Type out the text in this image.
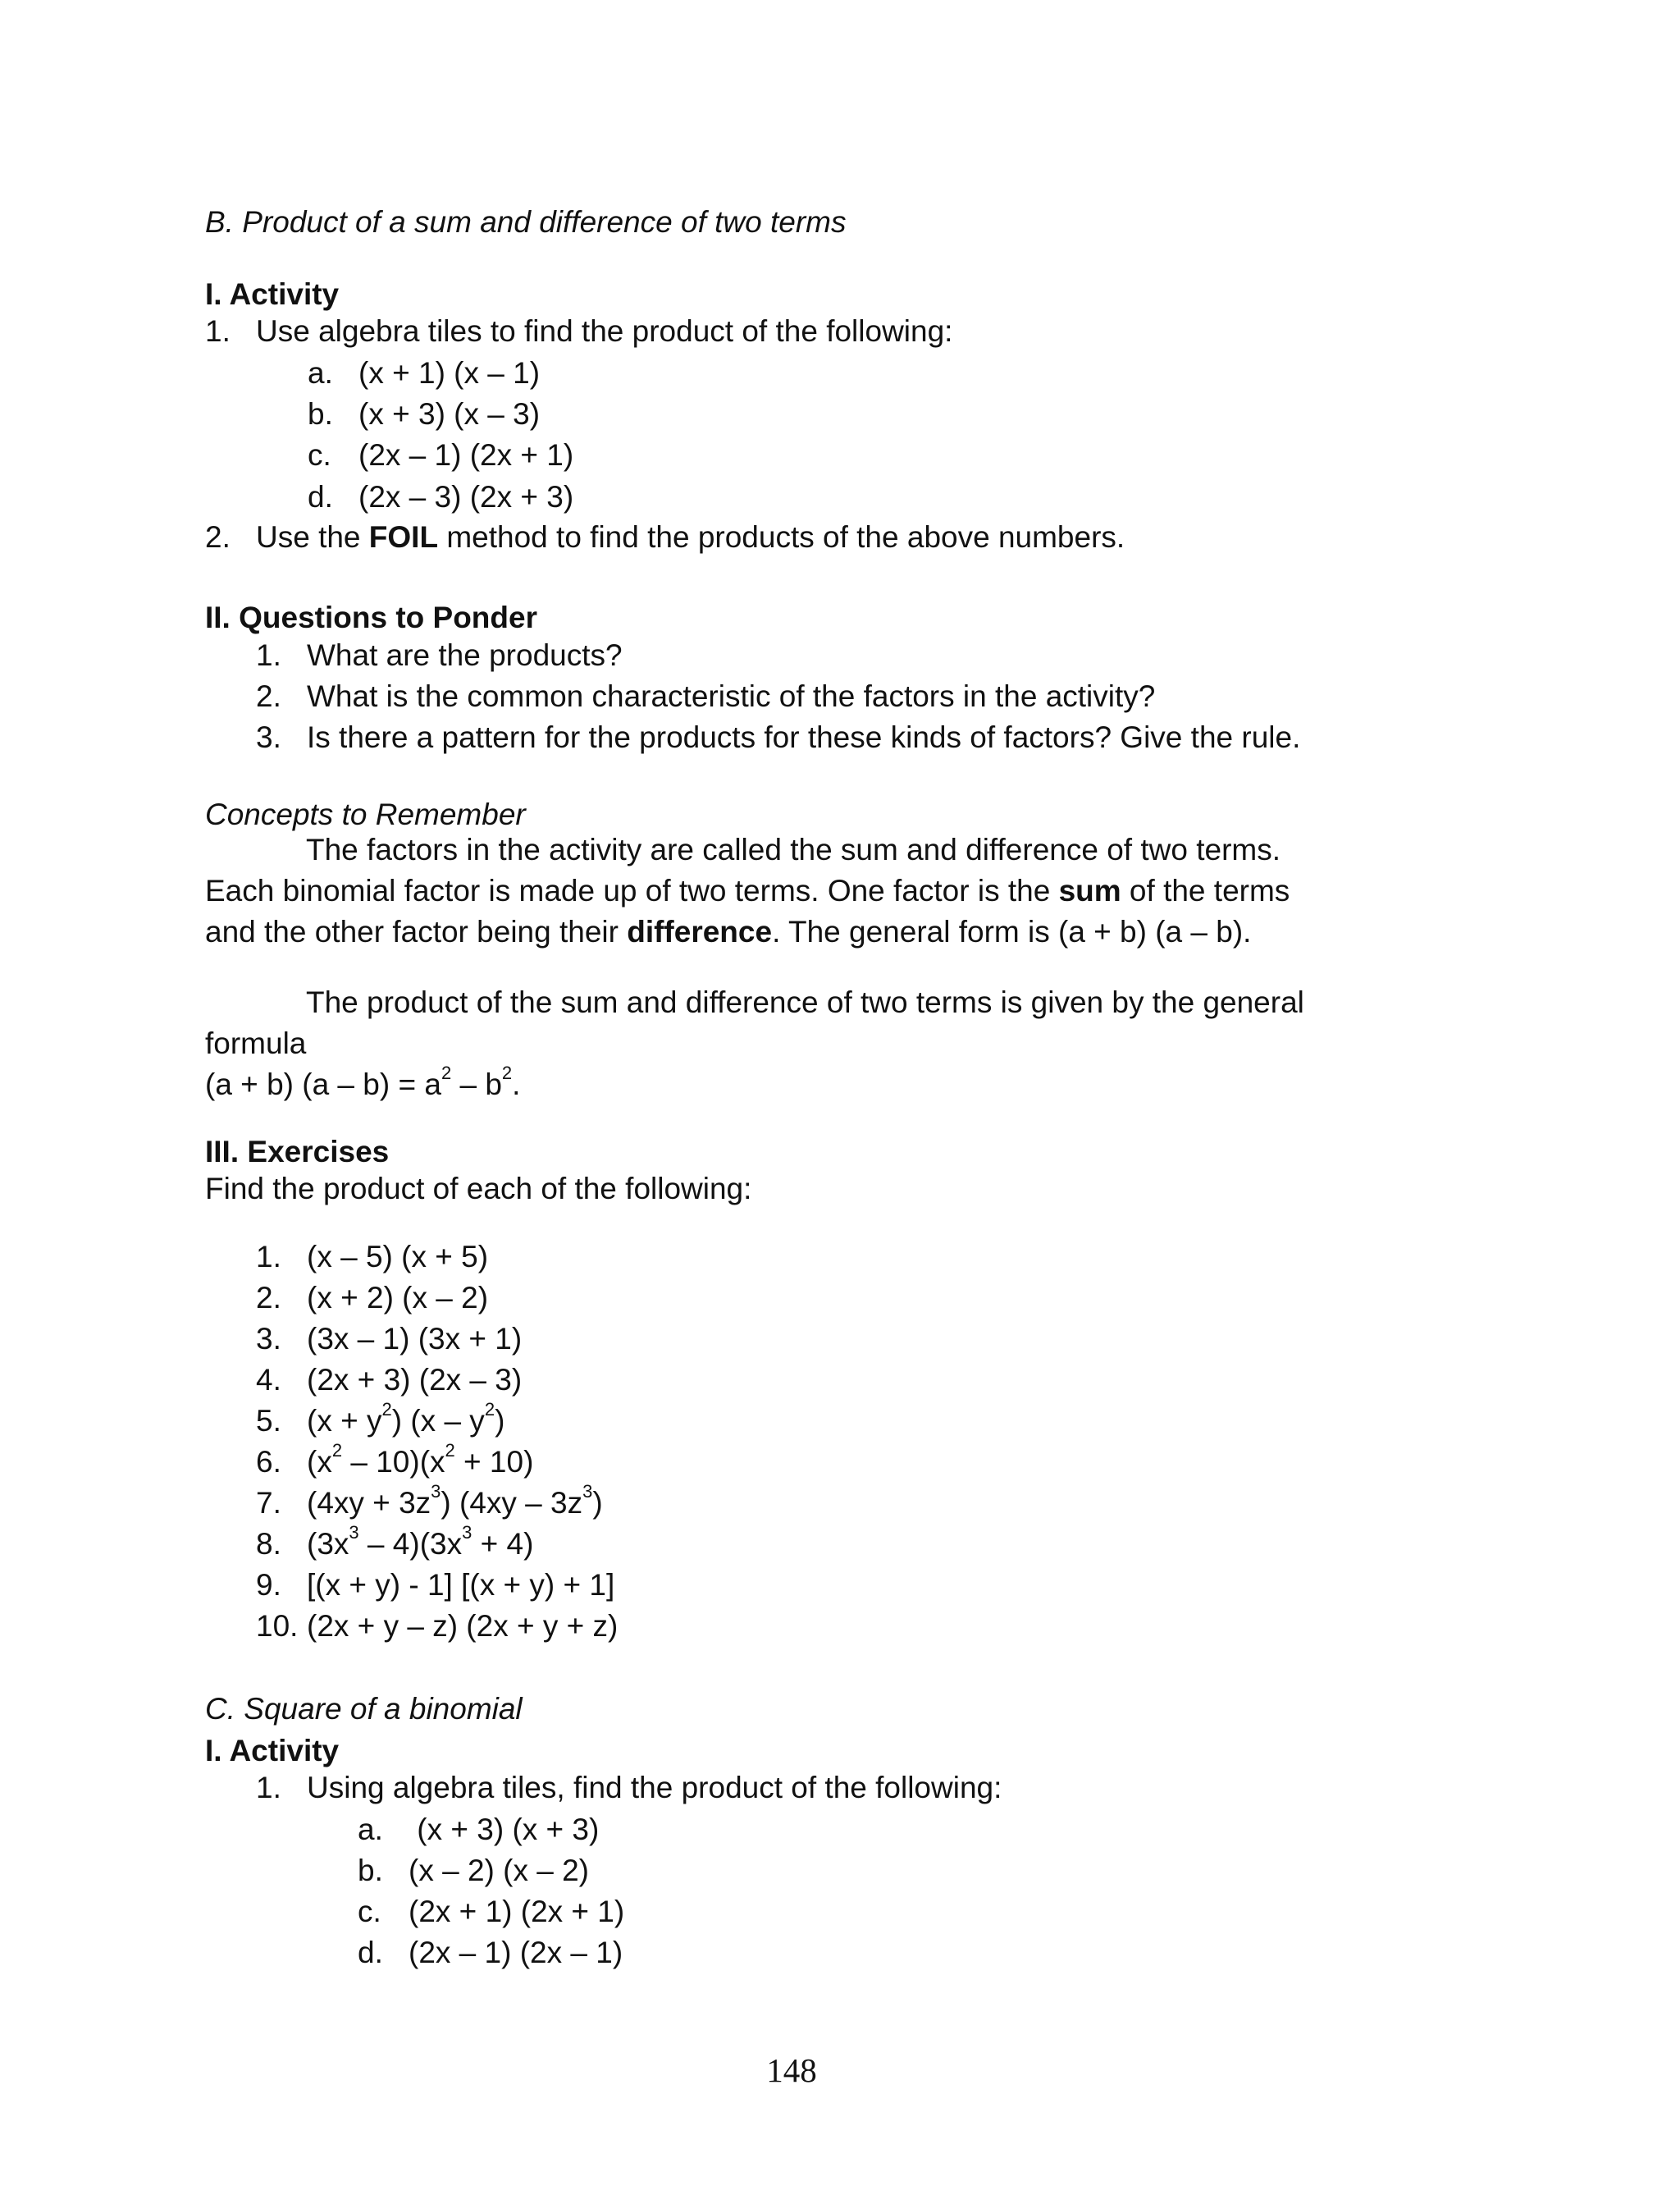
B. Product of a sum and difference of two terms
I. Activity
1. Use algebra tiles to find the product of the following:
a. (x + 1) (x – 1)
b. (x + 3) (x – 3)
c. (2x – 1) (2x + 1)
d. (2x – 3) (2x + 3)
2. Use the FOIL method to find the products of the above numbers.
II. Questions to Ponder
1. What are the products?
2. What is the common characteristic of the factors in the activity?
3. Is there a pattern for the products for these kinds of factors? Give the rule.
Concepts to Remember
The factors in the activity are called the sum and difference of two terms.
Each binomial factor is made up of two terms. One factor is the sum of the terms
and the other factor being their difference. The general form is (a + b) (a – b).
The product of the sum and difference of two terms is given by the general
formula
(a + b) $(a - b) = a^2 - b^2$.
III. Exercises
Find the product of each of the following:
1. (x – 5) (x + 5)
2. (x + 2) (x – 2)
3. (3x – 1) (3x + 1)
4. (2x + 3) (2x – 3)
5. $(x + y^2)$ $(x - y^2)$
6. $(x^2 - 10)(x^2 + 10)$
7. $(4xy + 3z^3)$ $(4xy - 3z^3)$
8. $(3x^3 - 4)(3x^3 + 4)$
9. [(x + y) - 1] [(x + y) + 1]
10. (2x + y – z) (2x + y + z)
C. Square of a binomial
I. Activity
1. Using algebra tiles, find the product of the following:
a. (x + 3) (x + 3)
b. (x – 2) (x – 2)
c. (2x + 1) (2x + 1)
d. (2x – 1) (2x – 1)
148
